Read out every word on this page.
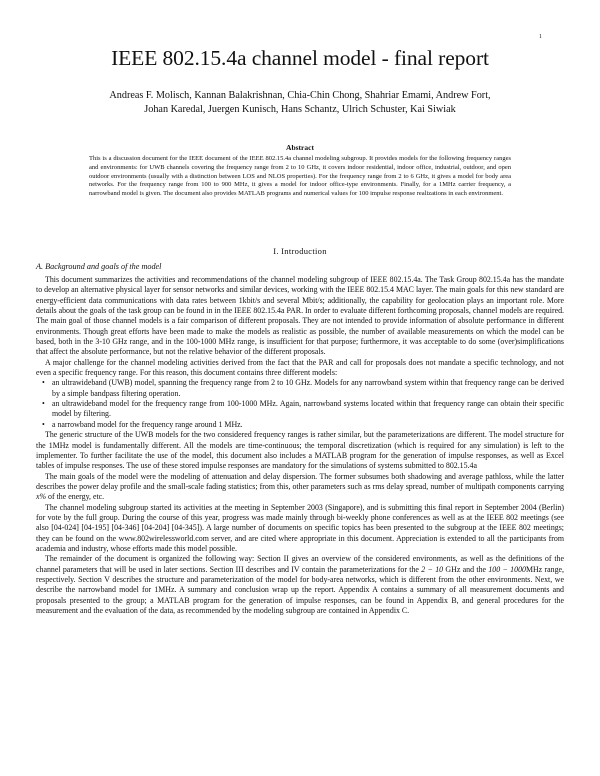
1
IEEE 802.15.4a channel model - final report
Andreas F. Molisch, Kannan Balakrishnan, Chia-Chin Chong, Shahriar Emami, Andrew Fort,
Johan Karedal, Juergen Kunisch, Hans Schantz, Ulrich Schuster, Kai Siwiak
Abstract
This is a discussion document for the IEEE document of the IEEE 802.15.4a channel modeling subgroup. It provides models for the following frequency ranges and environments: for UWB channels covering the frequency range from 2 to 10 GHz, it covers indoor residential, indoor office, industrial, outdoor, and open outdoor environments (usually with a distinction between LOS and NLOS properties). For the frequency range from 2 to 6 GHz, it gives a model for body area networks. For the frequency range from 100 to 900 MHz, it gives a model for indoor office-type environments. Finally, for a 1MHz carrier frequency, a narrowband model is given. The document also provides MATLAB programs and numerical values for 100 impulse response realizations in each environment.
I. Introduction
A. Background and goals of the model

This document summarizes the activities and recommendations of the channel modeling subgroup of IEEE 802.15.4a. The Task Group 802.15.4a has the mandate to develop an alternative physical layer for sensor networks and similar devices, working with the IEEE 802.15.4 MAC layer. The main goals for this new standard are energy-efficient data communications with data rates between 1kbit/s and several Mbit/s; additionally, the capability for geolocation plays an important role. More details about the goals of the task group can be found in in the IEEE 802.15.4a PAR. In order to evaluate different forthcoming proposals, channel models are required. The main goal of those channel models is a fair comparison of different proposals. They are not intended to provide information of absolute performance in different environments. Though great efforts have been made to make the models as realistic as possible, the number of available measurements on which the model can be based, both in the 3-10 GHz range, and in the 100-1000 MHz range, is insufficient for that purpose; furthermore, it was acceptable to do some (over)simplifications that affect the absolute performance, but not the relative behavior of the different proposals.

A major challenge for the channel modeling activities derived from the fact that the PAR and call for proposals does not mandate a specific technology, and not even a specific frequency range. For this reason, this document contains three different models:

• an ultrawideband (UWB) model, spanning the frequency range from 2 to 10 GHz. Models for any narrowband system within that frequency range can be derived by a simple bandpass filtering operation.
• an ultrawideband model for the frequency range from 100-1000 MHz. Again, narrowband systems located within that frequency range can obtain their specific model by filtering.
• a narrowband model for the frequency range around 1 MHz.

The generic structure of the UWB models for the two considered frequency ranges is rather similar, but the parameterizations are different. The model structure for the 1MHz model is fundamentally different. All the models are time-continuous; the temporal discretization (which is required for any simulation) is left to the implementer. To further facilitate the use of the model, this document also includes a MATLAB program for the generation of impulse responses, as well as Excel tables of impulse responses. The use of these stored impulse responses are mandatory for the simulations of systems submitted to 802.15.4a

The main goals of the model were the modeling of attenuation and delay dispersion. The former subsumes both shadowing and average pathloss, while the latter describes the power delay profile and the small-scale fading statistics; from this, other parameters such as rms delay spread, number of multipath components carrying x% of the energy, etc.

The channel modeling subgroup started its activities at the meeting in September 2003 (Singapore), and is submitting this final report in September 2004 (Berlin) for vote by the full group. During the course of this year, progress was made mainly through bi-weekly phone conferences as well as at the IEEE 802 meetings (see also [04-024] [04-195] [04-346] [04-204] [04-345]). A large number of documents on specific topics has been presented to the subgroup at the IEEE 802 meetings; they can be found on the www.802wirelessworld.com server, and are cited where appropriate in this document. Appreciation is extended to all the participants from academia and industry, whose efforts made this model possible.

The remainder of the document is organized the following way: Section II gives an overview of the considered environments, as well as the definitions of the channel parameters that will be used in later sections. Section III describes and IV contain the parameterizations for the 2 − 10 GHz and the 100 − 1000MHz range, respectively. Section V describes the structure and parameterization of the model for body-area networks, which is different from the other environments. Next, we describe the narrowband model for 1MHz. A summary and conclusion wrap up the report. Appendix A contains a summary of all measurement documents and proposals presented to the group; a MATLAB program for the generation of impulse responses, can be found in Appendix B, and general procedures for the measurement and the evaluation of the data, as recommended by the modeling subgroup are contained in Appendix C.
